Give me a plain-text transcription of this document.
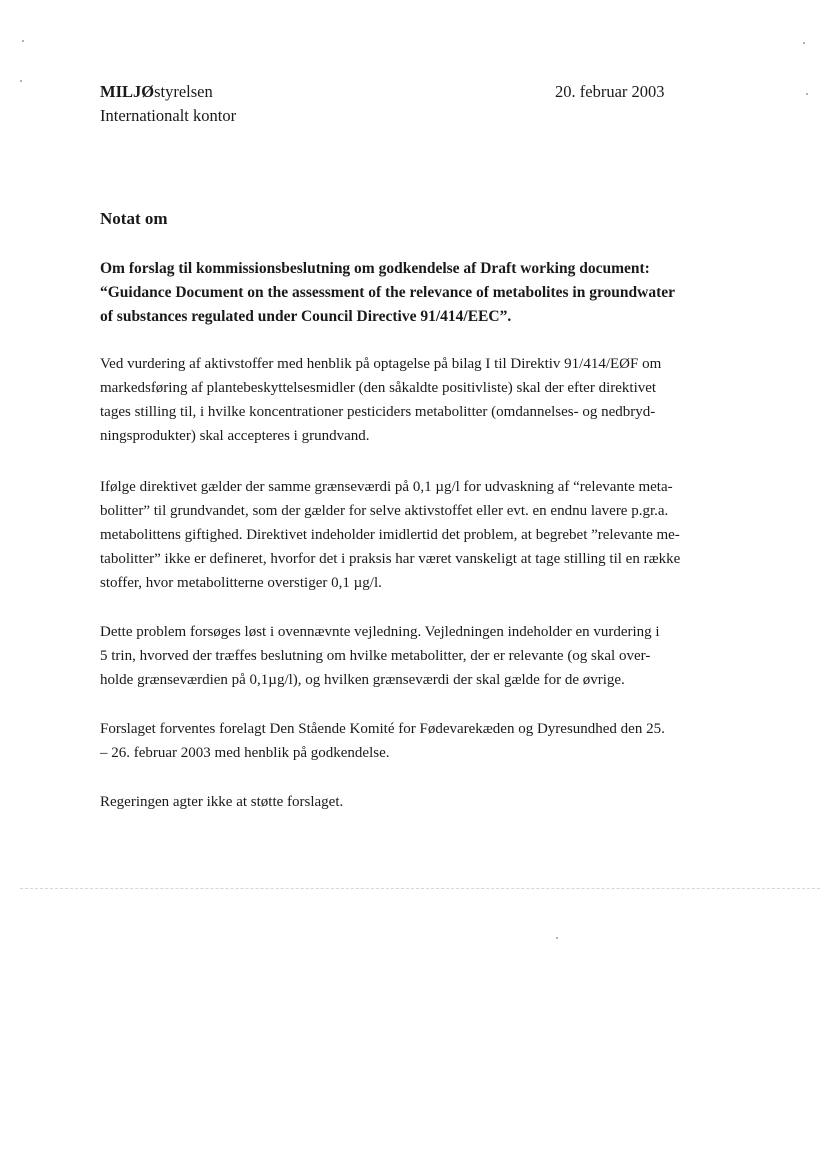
MILJØstyrelsen
Internationalt kontor
20. februar 2003
Notat om
Om forslag til kommissionsbeslutning om godkendelse af Draft working document:
“Guidance Document on the assessment of the relevance of metabolites in groundwater
of substances regulated under Council Directive 91/414/EEC”.
Ved vurdering af aktivstoffer med henblik på optagelse på bilag I til Direktiv 91/414/EØF om
markedsføring af plantebeskyttelsesmidler (den såkaldte positivliste) skal der efter direktivet
tages stilling til, i hvilke koncentrationer pesticiders metabolitter (omdannelses- og nedbryd-
ningsprodukter) skal accepteres i grundvand.
Ifølge direktivet gælder der samme grænseværdi på 0,1 µg/l for udvaskning af “relevante meta-
bolitter” til grundvandet, som der gælder for selve aktivstoffet eller evt. en endnu lavere p.gr.a.
metabolittens giftighed. Direktivet indeholder imidlertid det problem, at begrebet ”relevante me-
tabolitter” ikke er defineret, hvorfor det i praksis har været vanskeligt at tage stilling til en række
stoffer, hvor metabolitterne overstiger 0,1 µg/l.
Dette problem forsøges løst i ovennævnte vejledning. Vejledningen indeholder en vurdering i
5 trin, hvorved der træffes beslutning om hvilke metabolitter, der er relevante (og skal over-
holde grænseværdien på 0,1µg/l), og hvilken grænseværdi der skal gælde for de øvrige.
Forslaget forventes forelagt Den Stående Komité for Fødevarekæden og Dyresundhed den 25.
– 26. februar 2003 med henblik på godkendelse.
Regeringen agter ikke at støtte forslaget.
